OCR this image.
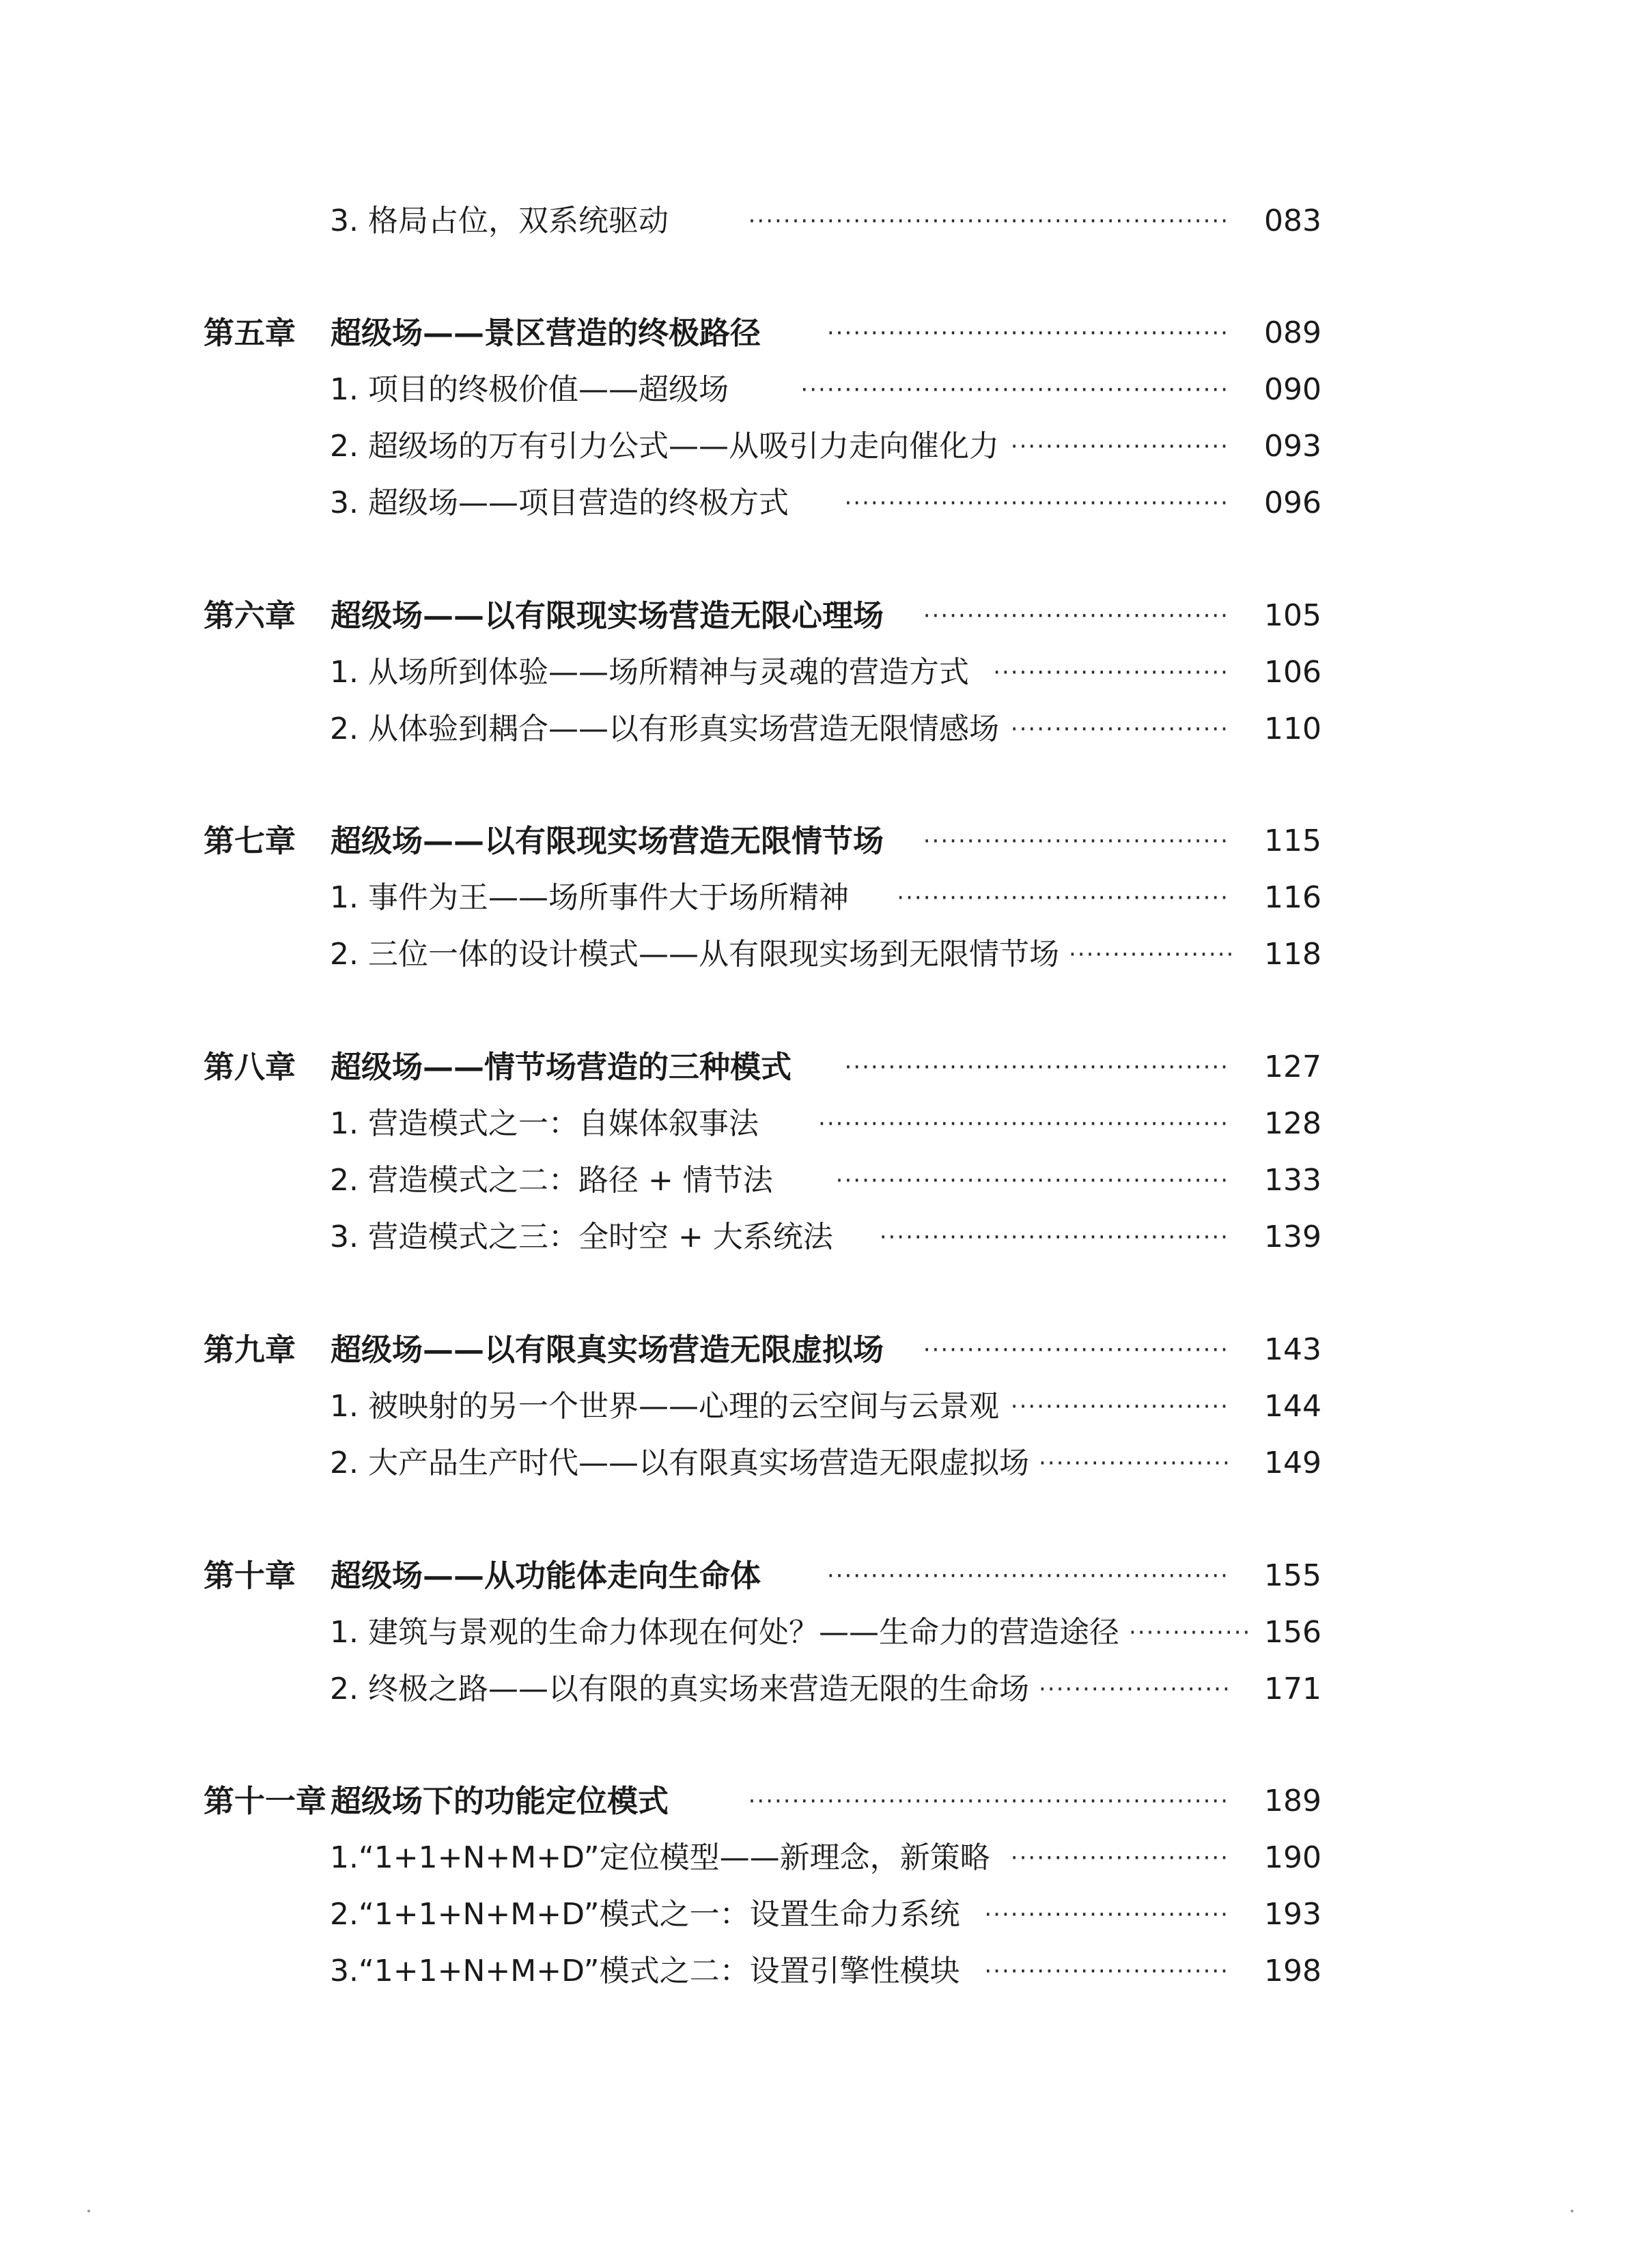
3. 格局占位，双系统驱动	·······················································	083
第五章 超级场——景区营造的终极路径	··············································	089
1. 项目的终极价值——超级场	·················································	090
2. 超级场的万有引力公式——从吸引力走向催化力 ·························	093
3. 超级场——项目营造的终极方式	············································	096
第六章 超级场——以有限现实场营造无限心理场	···································	105
1. 从场所到体验——场所精神与灵魂的营造方式	···························	106
2. 从体验到耦合——以有形真实场营造无限情感场 ·························	110
第七章 超级场——以有限现实场营造无限情节场	···································	115
1. 事件为王——场所事件大于场所精神	······································	116
2. 三位一体的设计模式——从有限现实场到无限情节场 ··················· 118
第八章 超级场——情节场营造的三种模式	············································	127
1. 营造模式之一：自媒体叙事法	···············································	128
2. 营造模式之二：路径 + 情节法	·············································	133
3. 营造模式之三：全时空 + 大系统法	········································	139
第九章 超级场——以有限真实场营造无限虚拟场	···································	143
1. 被映射的另一个世界——心理的云空间与云景观 ·························	144
2. 大产品生产时代——以有限真实场营造无限虚拟场 ······················	149
第十章 超级场——从功能体走向生命体	··············································	155
1. 建筑与景观的生命力体现在何处？——生命力的营造途径 ·············· 156
2. 终极之路——以有限的真实场来营造无限的生命场 ······················	171
第十一章 超级场下的功能定位模式	·······················································	189
1.“1+1+N+M+D”定位模型——新理念，新策略 ·························	190
2.“1+1+N+M+D”模式之一：设置生命力系统	····························	193
3.“1+1+N+M+D”模式之二：设置引擎性模块	····························	198
